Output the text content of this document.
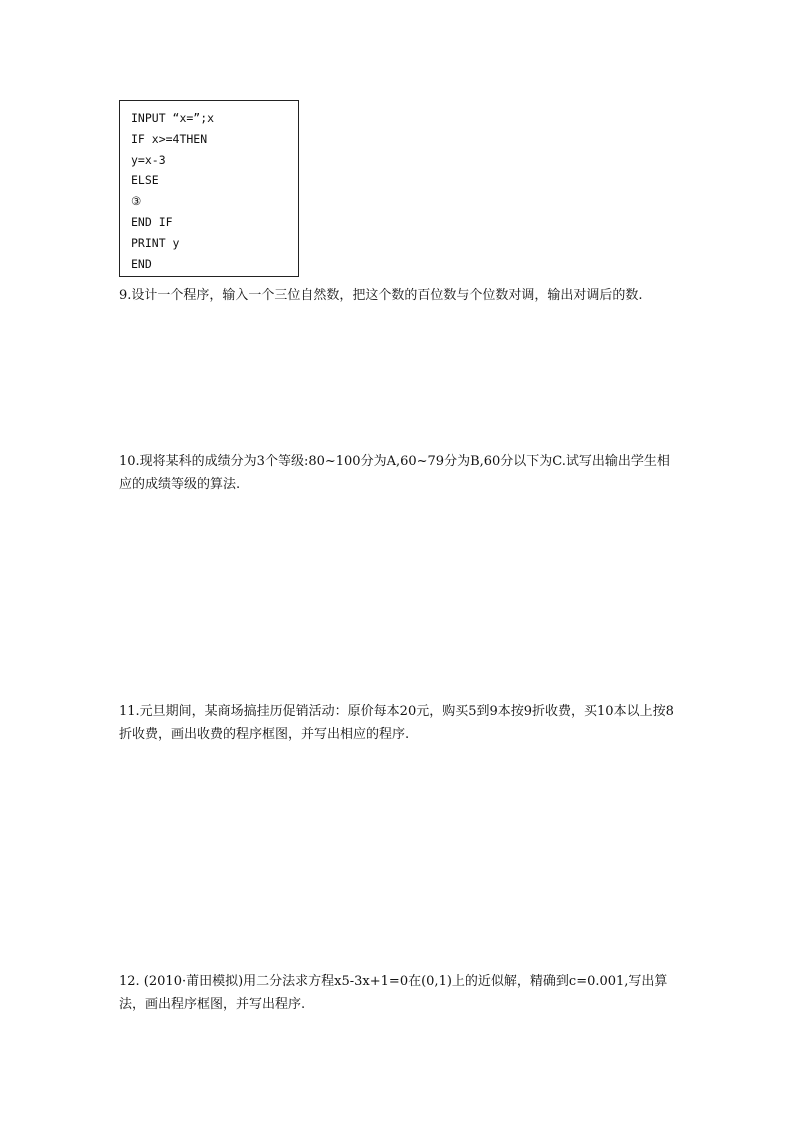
INPUT “x=”;x
IF x>=4THEN
y=x-3
ELSE
③
END IF
PRINT y
END
9.设计一个程序，输入一个三位自然数，把这个数的百位数与个位数对调，输出对调后的数.
10.现将某科的成绩分为3个等级:80~100分为A,60~79分为B,60分以下为C.试写出输出学生相应的成绩等级的算法.
11.元旦期间，某商场搞挂历促销活动：原价每本20元，购买5到9本按9折收费，买10本以上按8折收费，画出收费的程序框图，并写出相应的程序.
12. (2010·莆田模拟)用二分法求方程x5-3x+1=0在(0,1)上的近似解，精确到c=0.001,写出算法，画出程序框图，并写出程序.
